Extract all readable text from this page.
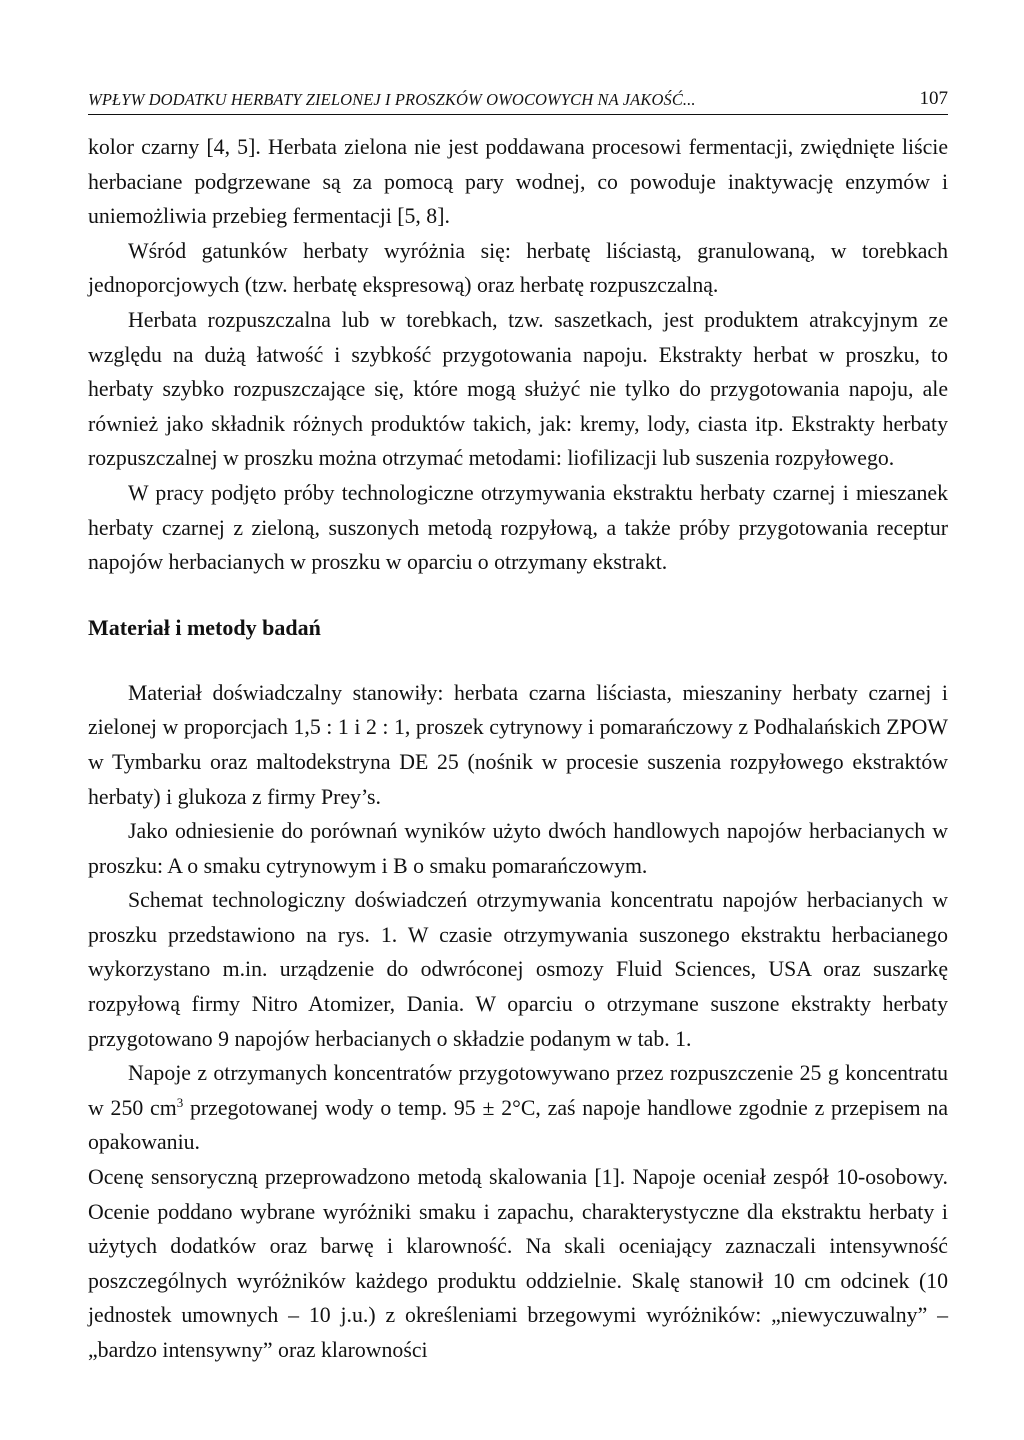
WPŁYW DODATKU HERBATY ZIELONEJ I PROSZKÓW OWOCOWYCH NA JAKOŚĆ...	107

kolor czarny [4, 5]. Herbata zielona nie jest poddawana procesowi fermentacji, zwiędnięte liście herbaciane podgrzewane są za pomocą pary wodnej, co powoduje inaktywację enzymów i uniemożliwia przebieg fermentacji [5, 8].

Wśród gatunków herbaty wyróżnia się: herbatę liściastą, granulowaną, w torebkach jednoporcjowych (tzw. herbatę ekspresową) oraz herbatę rozpuszczalną.

Herbata rozpuszczalna lub w torebkach, tzw. saszetkach, jest produktem atrakcyjnym ze względu na dużą łatwość i szybkość przygotowania napoju. Ekstrakty herbat w proszku, to herbaty szybko rozpuszczające się, które mogą służyć nie tylko do przygotowania napoju, ale również jako składnik różnych produktów takich, jak: kremy, lody, ciasta itp. Ekstrakty herbaty rozpuszczalnej w proszku można otrzymać metodami: liofilizacji lub suszenia rozpyłowego.

W pracy podjęto próby technologiczne otrzymywania ekstraktu herbaty czarnej i mieszanek herbaty czarnej z zieloną, suszonych metodą rozpyłową, a także próby przygotowania receptur napojów herbacianych w proszku w oparciu o otrzymany ekstrakt.

Materiał i metody badań

Materiał doświadczalny stanowiły: herbata czarna liściasta, mieszaniny herbaty czarnej i zielonej w proporcjach 1,5 : 1 i 2 : 1, proszek cytrynowy i pomarańczowy z Podhalańskich ZPOW w Tymbarku oraz maltodekstryna DE 25 (nośnik w procesie suszenia rozpyłowego ekstraktów herbaty) i glukoza z firmy Prey’s.

Jako odniesienie do porównań wyników użyto dwóch handlowych napojów herbacianych w proszku: A o smaku cytrynowym i B o smaku pomarańczowym.

Schemat technologiczny doświadczeń otrzymywania koncentratu napojów herbacianych w proszku przedstawiono na rys. 1. W czasie otrzymywania suszonego ekstraktu herbacianego wykorzystano m.in. urządzenie do odwróconej osmozy Fluid Sciences, USA oraz suszarkę rozpyłową firmy Nitro Atomizer, Dania. W oparciu o otrzymane suszone ekstrakty herbaty przygotowano 9 napojów herbacianych o składzie podanym w tab. 1.

Napoje z otrzymanych koncentratów przygotowywano przez rozpuszczenie 25 g koncentratu w 250 $cm^3$ przegotowanej wody o temp. 95 ± 2°C, zaś napoje handlowe zgodnie z przepisem na opakowaniu.

Ocenę sensoryczną przeprowadzono metodą skalowania [1]. Napoje oceniał zespół 10-osobowy. Ocenie poddano wybrane wyróżniki smaku i zapachu, charakterystyczne dla ekstraktu herbaty i użytych dodatków oraz barwę i klarowność. Na skali oceniający zaznaczali intensywność poszczególnych wyróżników każdego produktu oddzielnie. Skalę stanowił 10 cm odcinek (10 jednostek umownych – 10 j.u.) z określeniami brzegowymi wyróżników: „niewyczuwalny” – „bardzo intensywny” oraz klarowności
